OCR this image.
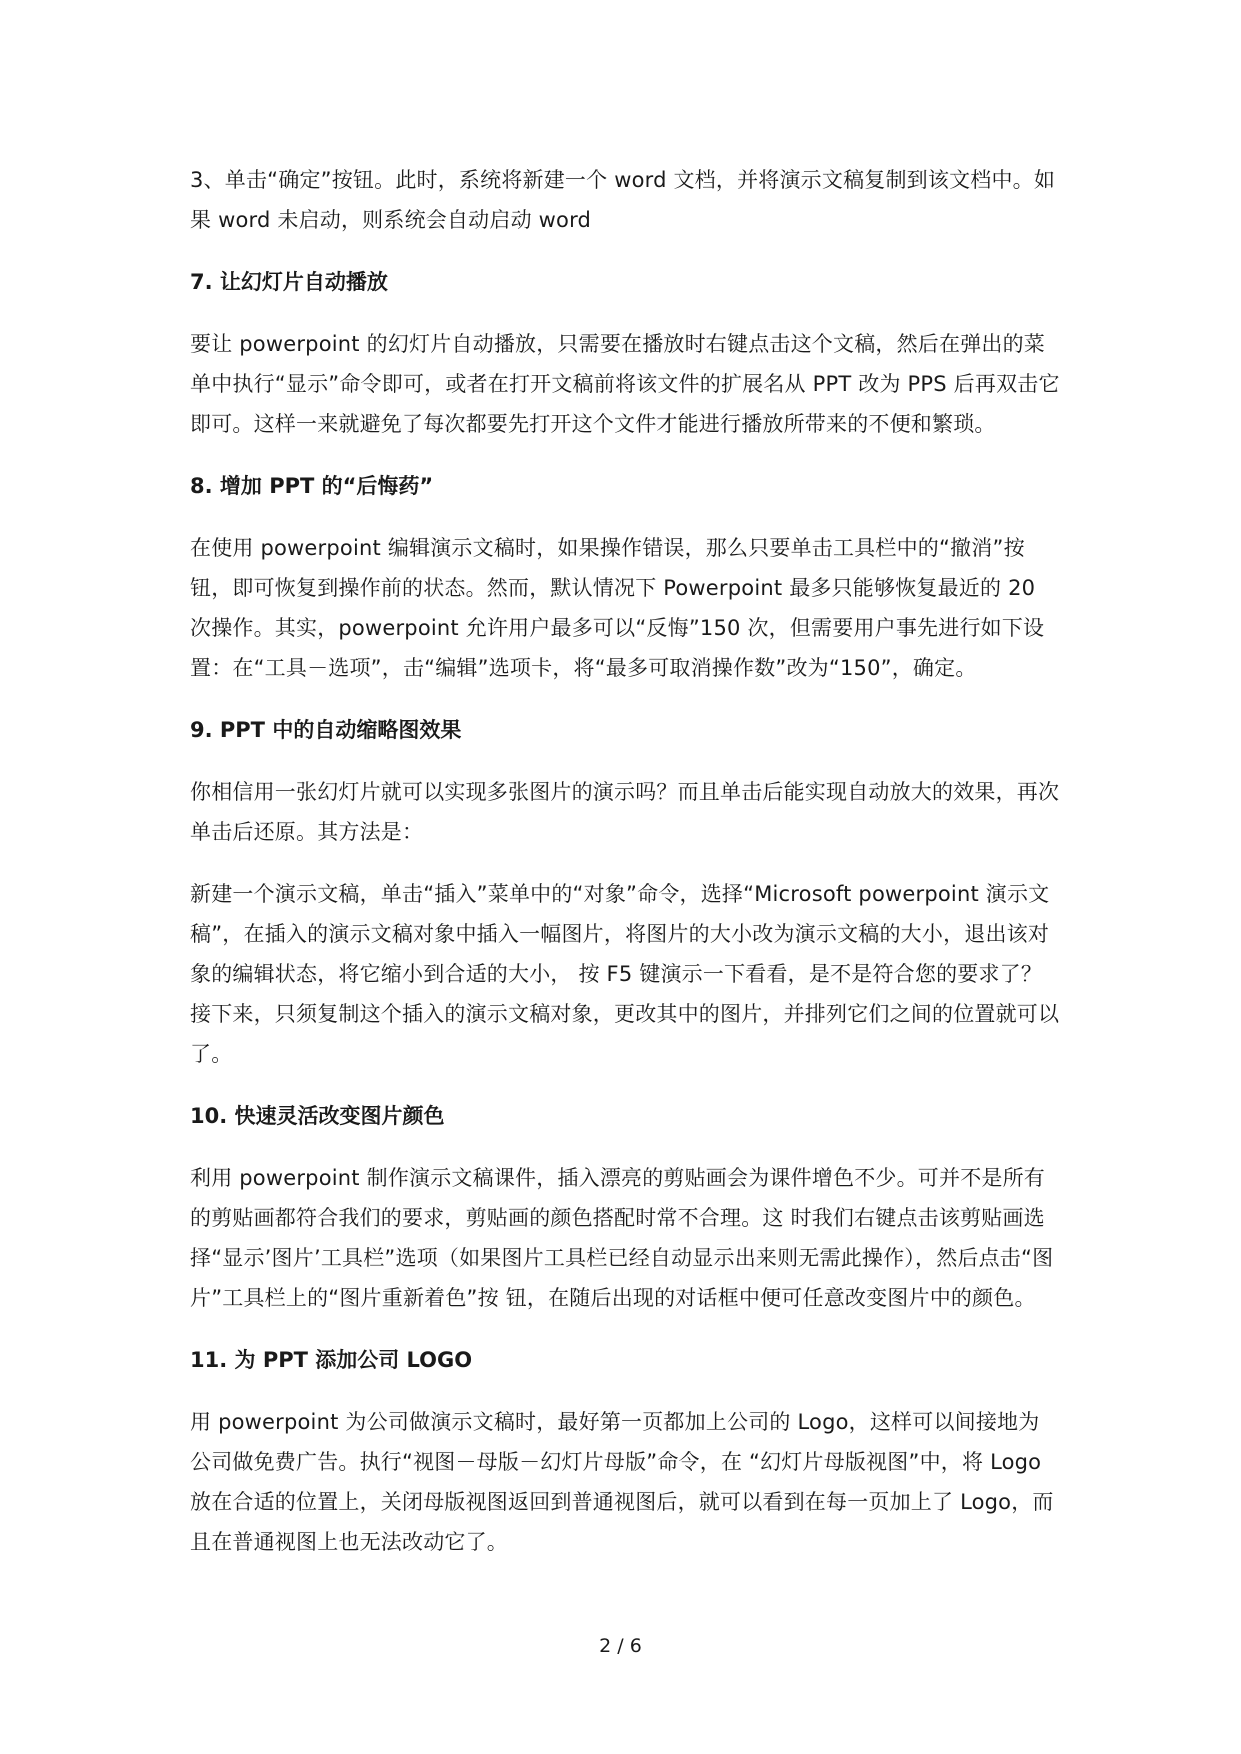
3、单击“确定”按钮。此时，系统将新建一个 word 文档，并将演示文稿复制到该文档中。如果 word 未启动，则系统会自动启动 word

7. 让幻灯片自动播放

要让 powerpoint 的幻灯片自动播放，只需要在播放时右键点击这个文稿，然后在弹出的菜单中执行“显示”命令即可，或者在打开文稿前将该文件的扩展名从 PPT 改为 PPS 后再双击它即可。这样一来就避免了每次都要先打开这个文件才能进行播放所带来的不便和繁琐。

8. 增加 PPT 的“后悔药”

在使用 powerpoint 编辑演示文稿时，如果操作错误，那么只要单击工具栏中的“撤消”按钮，即可恢复到操作前的状态。然而，默认情况下 Powerpoint 最多只能够恢复最近的 20 次操作。其实，powerpoint 允许用户最多可以“反悔”150 次，但需要用户事先进行如下设置：在“工具－选项”，击“编辑”选项卡，将“最多可取消操作数”改为“150”，确定。

9. PPT 中的自动缩略图效果

你相信用一张幻灯片就可以实现多张图片的演示吗？而且单击后能实现自动放大的效果，再次单击后还原。其方法是：

新建一个演示文稿，单击“插入”菜单中的“对象”命令，选择“Microsoft powerpoint 演示文稿”，在插入的演示文稿对象中插入一幅图片，将图片的大小改为演示文稿的大小，退出该对象的编辑状态，将它缩小到合适的大小， 按 F5 键演示一下看看，是不是符合您的要求了？接下来，只须复制这个插入的演示文稿对象，更改其中的图片，并排列它们之间的位置就可以了。

10. 快速灵活改变图片颜色

利用 powerpoint 制作演示文稿课件，插入漂亮的剪贴画会为课件增色不少。可并不是所有的剪贴画都符合我们的要求，剪贴画的颜色搭配时常不合理。这 时我们右键点击该剪贴画选择“显示’图片’工具栏”选项（如果图片工具栏已经自动显示出来则无需此操作），然后点击“图片”工具栏上的“图片重新着色”按 钮，在随后出现的对话框中便可任意改变图片中的颜色。

11. 为 PPT 添加公司 LOGO

用 powerpoint 为公司做演示文稿时，最好第一页都加上公司的 Logo，这样可以间接地为公司做免费广告。执行“视图－母版－幻灯片母版”命令，在 “幻灯片母版视图”中，将 Logo 放在合适的位置上，关闭母版视图返回到普通视图后，就可以看到在每一页加上了 Logo，而且在普通视图上也无法改动它了。

2 / 6
